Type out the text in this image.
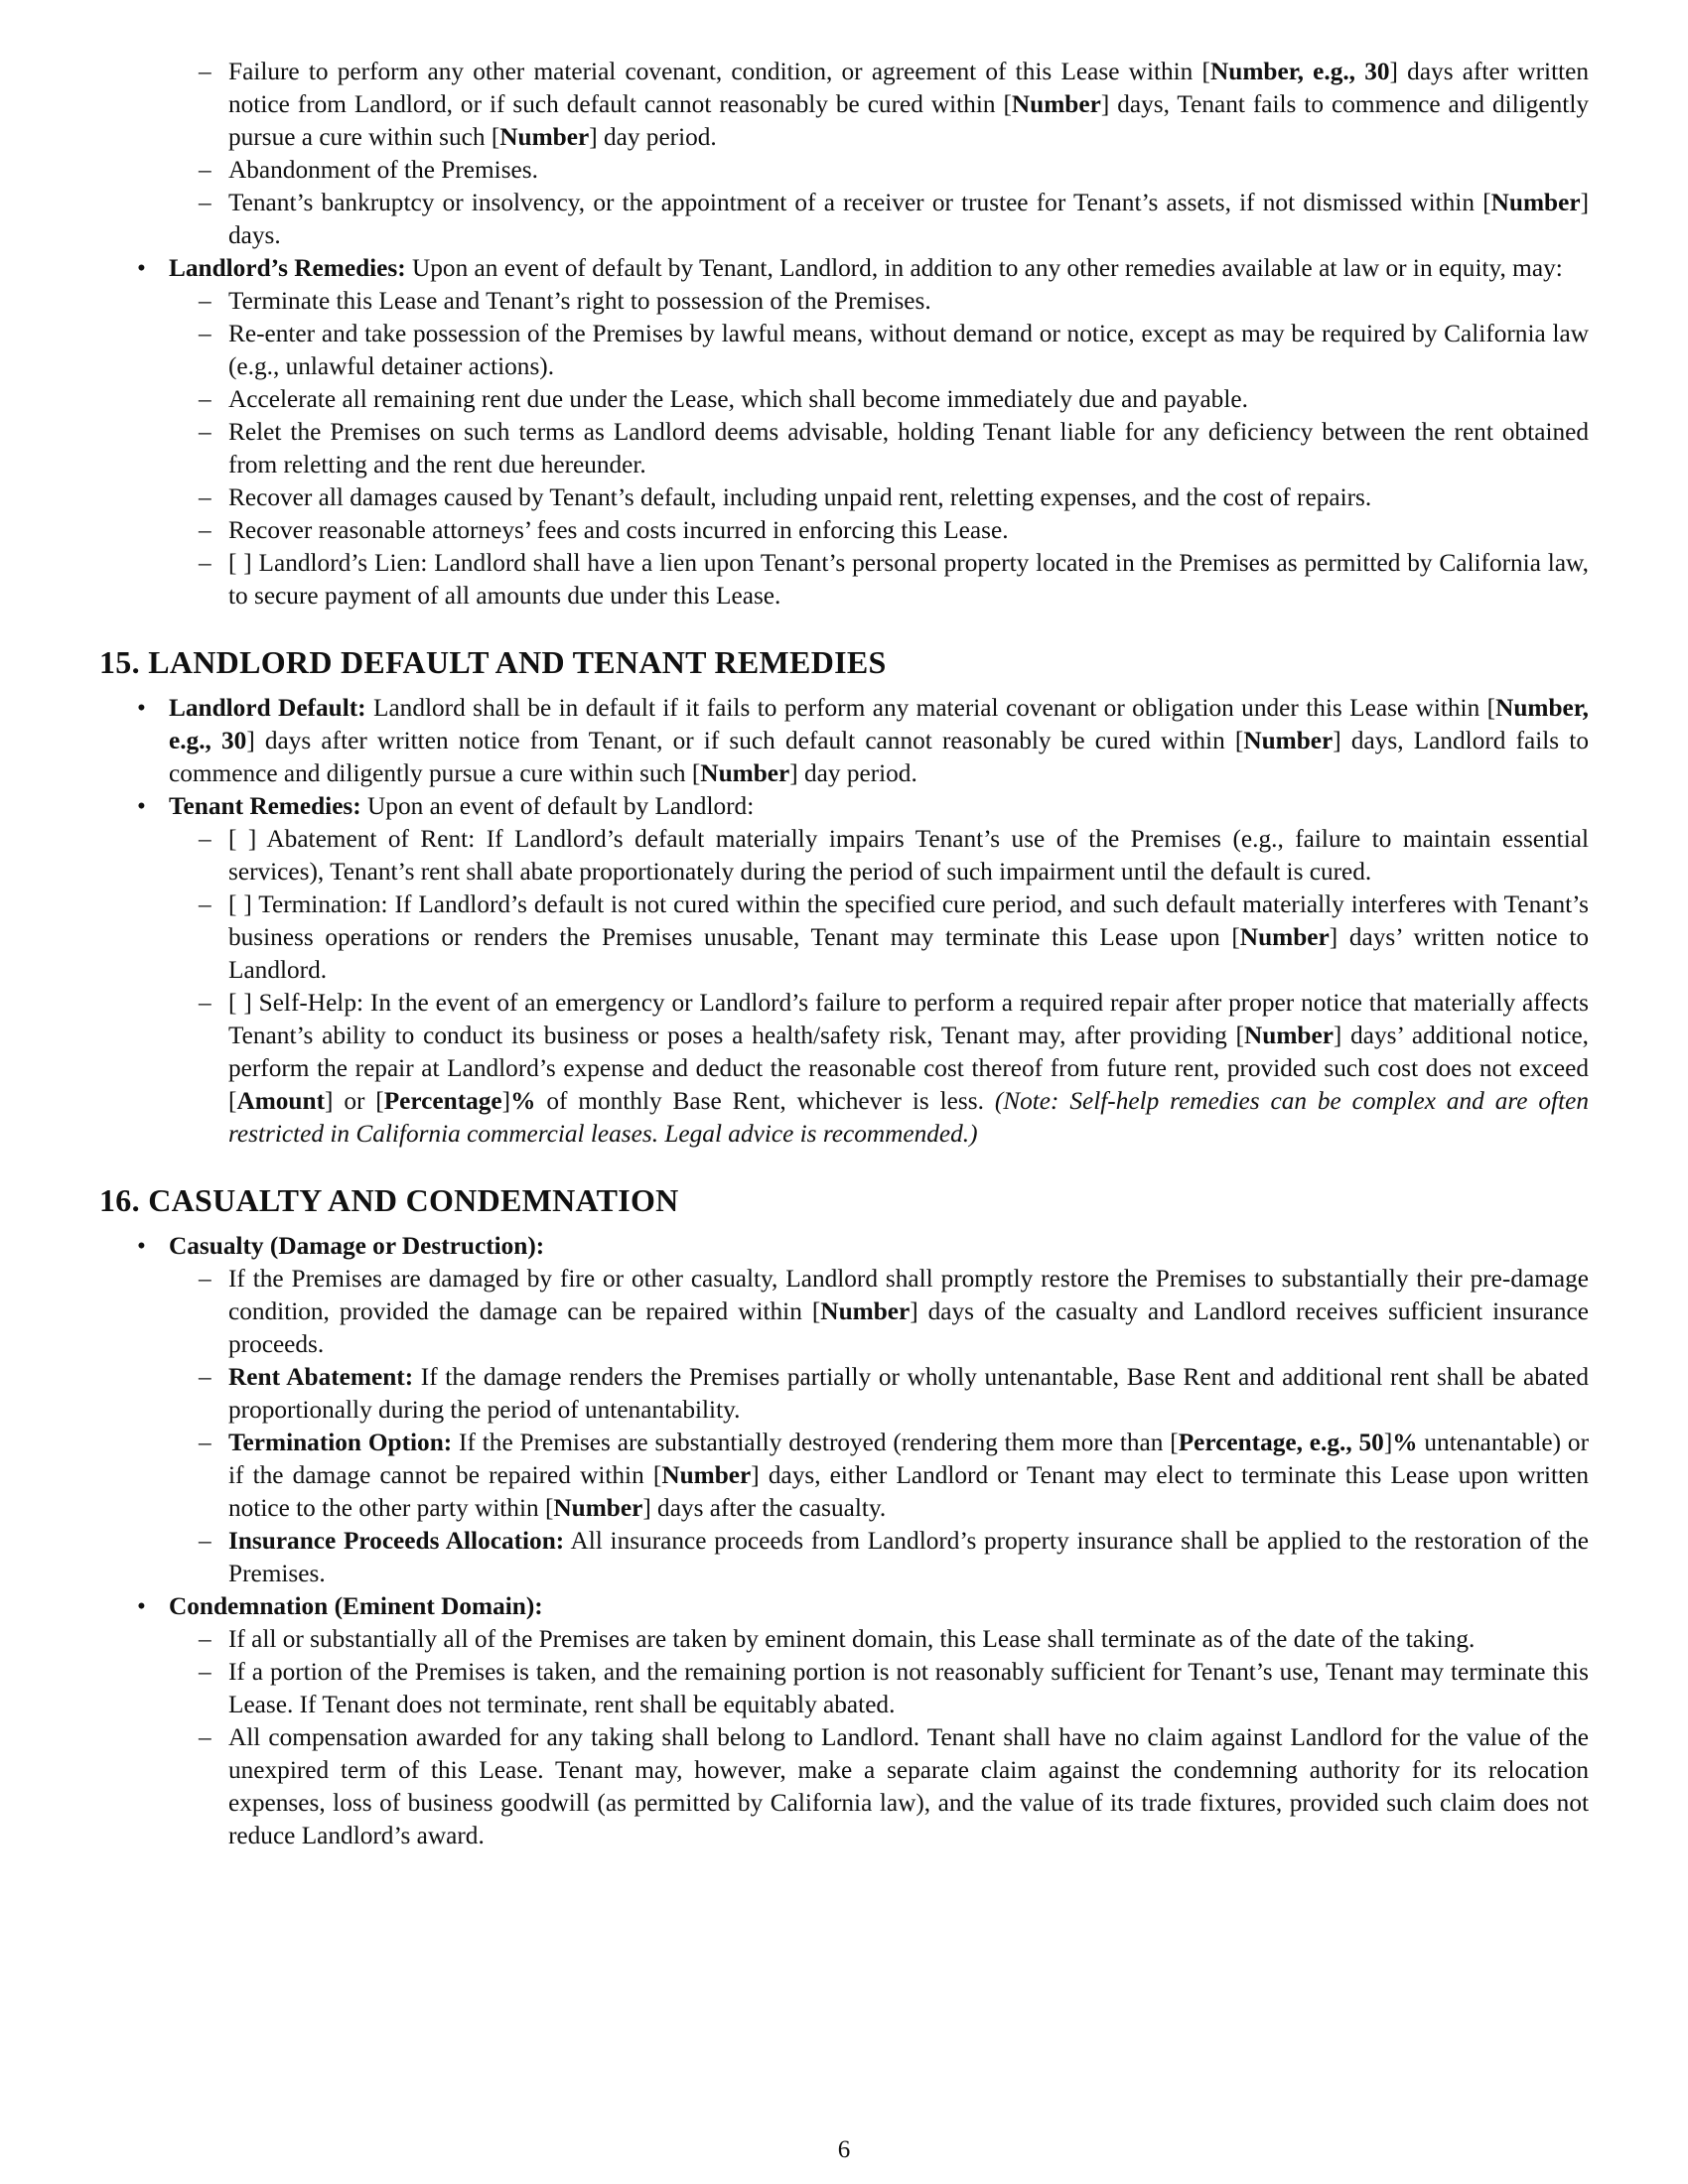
– Failure to perform any other material covenant, condition, or agreement of this Lease within [Number, e.g., 30] days after written notice from Landlord, or if such default cannot reasonably be cured within [Number] days, Tenant fails to commence and diligently pursue a cure within such [Number] day period.
– Abandonment of the Premises.
– Tenant’s bankruptcy or insolvency, or the appointment of a receiver or trustee for Tenant’s assets, if not dismissed within [Number] days.
• Landlord’s Remedies: Upon an event of default by Tenant, Landlord, in addition to any other remedies available at law or in equity, may:
– Terminate this Lease and Tenant’s right to possession of the Premises.
– Re-enter and take possession of the Premises by lawful means, without demand or notice, except as may be required by California law (e.g., unlawful detainer actions).
– Accelerate all remaining rent due under the Lease, which shall become immediately due and payable.
– Relet the Premises on such terms as Landlord deems advisable, holding Tenant liable for any deficiency between the rent obtained from reletting and the rent due hereunder.
– Recover all damages caused by Tenant’s default, including unpaid rent, reletting expenses, and the cost of repairs.
– Recover reasonable attorneys’ fees and costs incurred in enforcing this Lease.
– [ ] Landlord’s Lien: Landlord shall have a lien upon Tenant’s personal property located in the Premises as permitted by California law, to secure payment of all amounts due under this Lease.
15. LANDLORD DEFAULT AND TENANT REMEDIES
• Landlord Default: Landlord shall be in default if it fails to perform any material covenant or obligation under this Lease within [Number, e.g., 30] days after written notice from Tenant, or if such default cannot reasonably be cured within [Number] days, Landlord fails to commence and diligently pursue a cure within such [Number] day period.
• Tenant Remedies: Upon an event of default by Landlord:
– [ ] Abatement of Rent: If Landlord’s default materially impairs Tenant’s use of the Premises (e.g., failure to maintain essential services), Tenant’s rent shall abate proportionately during the period of such impairment until the default is cured.
– [ ] Termination: If Landlord’s default is not cured within the specified cure period, and such default materially interferes with Tenant’s business operations or renders the Premises unusable, Tenant may terminate this Lease upon [Number] days’ written notice to Landlord.
– [ ] Self-Help: In the event of an emergency or Landlord’s failure to perform a required repair after proper notice that materially affects Tenant’s ability to conduct its business or poses a health/safety risk, Tenant may, after providing [Number] days’ additional notice, perform the repair at Landlord’s expense and deduct the reasonable cost thereof from future rent, provided such cost does not exceed [Amount] or [Percentage]% of monthly Base Rent, whichever is less. (Note: Self-help remedies can be complex and are often restricted in California commercial leases. Legal advice is recommended.)
16. CASUALTY AND CONDEMNATION
• Casualty (Damage or Destruction):
– If the Premises are damaged by fire or other casualty, Landlord shall promptly restore the Premises to substantially their pre-damage condition, provided the damage can be repaired within [Number] days of the casualty and Landlord receives sufficient insurance proceeds.
– Rent Abatement: If the damage renders the Premises partially or wholly untenantable, Base Rent and additional rent shall be abated proportionally during the period of untenantability.
– Termination Option: If the Premises are substantially destroyed (rendering them more than [Percentage, e.g., 50]% untenantable) or if the damage cannot be repaired within [Number] days, either Landlord or Tenant may elect to terminate this Lease upon written notice to the other party within [Number] days after the casualty.
– Insurance Proceeds Allocation: All insurance proceeds from Landlord’s property insurance shall be applied to the restoration of the Premises.
• Condemnation (Eminent Domain):
– If all or substantially all of the Premises are taken by eminent domain, this Lease shall terminate as of the date of the taking.
– If a portion of the Premises is taken, and the remaining portion is not reasonably sufficient for Tenant’s use, Tenant may terminate this Lease. If Tenant does not terminate, rent shall be equitably abated.
– All compensation awarded for any taking shall belong to Landlord. Tenant shall have no claim against Landlord for the value of the unexpired term of this Lease. Tenant may, however, make a separate claim against the condemning authority for its relocation expenses, loss of business goodwill (as permitted by California law), and the value of its trade fixtures, provided such claim does not reduce Landlord’s award.
6
